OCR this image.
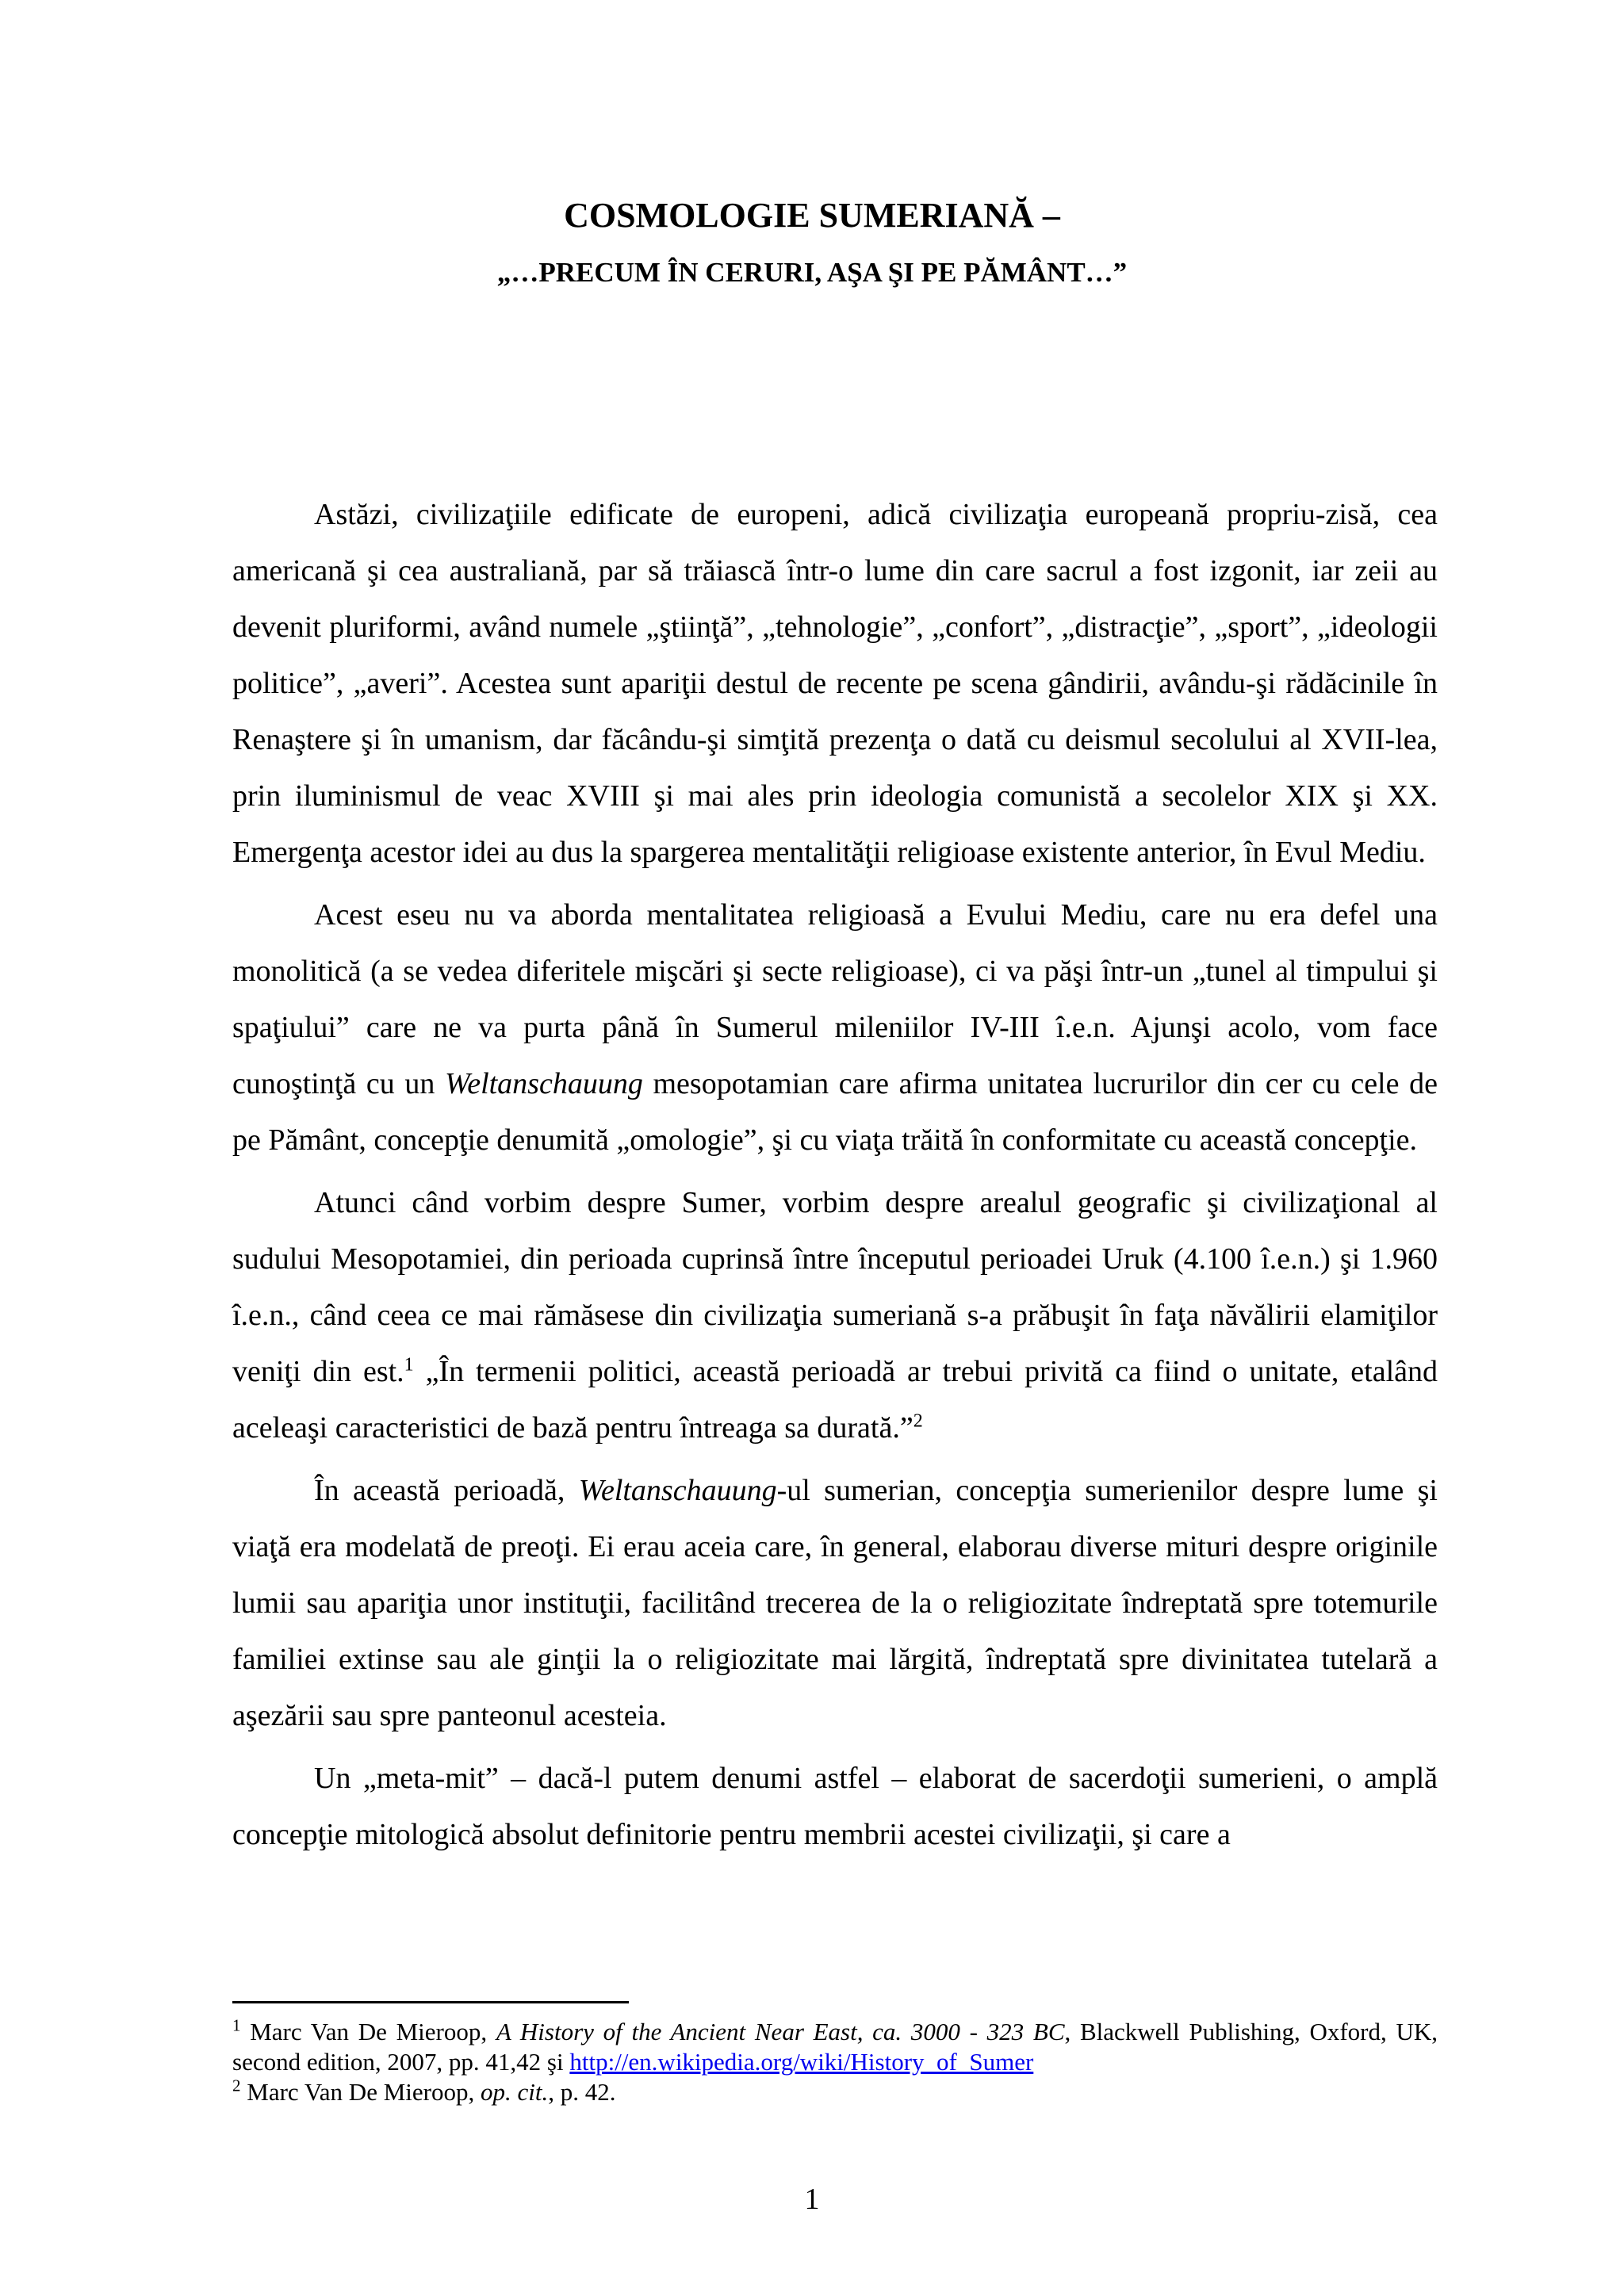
COSMOLOGIE SUMERIANĂ –
„…PRECUM ÎN CERURI, AŞA ŞI PE PĂMÂNT…”

Astăzi, civilizaţiile edificate de europeni, adică civilizaţia europeană propriu-zisă, cea americană şi cea australiană, par să trăiască într-o lume din care sacrul a fost izgonit, iar zeii au devenit pluriformi, având numele „ştiinţă”, „tehnologie”, „confort”, „distracţie”, „sport”, „ideologii politice”, „averi”. Acestea sunt apariţii destul de recente pe scena gândirii, avându-şi rădăcinile în Renaştere şi în umanism, dar făcându-şi simţită prezenţa o dată cu deismul secolului al XVII-lea, prin iluminismul de veac XVIII şi mai ales prin ideologia comunistă a secolelor XIX şi XX. Emergenţa acestor idei au dus la spargerea mentalităţii religioase existente anterior, în Evul Mediu.

Acest eseu nu va aborda mentalitatea religioasă a Evului Mediu, care nu era defel una monolitică (a se vedea diferitele mişcări şi secte religioase), ci va păşi într-un „tunel al timpului şi spaţiului” care ne va purta până în Sumerul mileniilor IV-III î.e.n. Ajunşi acolo, vom face cunoştinţă cu un Weltanschauung mesopotamian care afirma unitatea lucrurilor din cer cu cele de pe Pământ, concepţie denumită „omologie”, şi cu viaţa trăită în conformitate cu această concepţie.

Atunci când vorbim despre Sumer, vorbim despre arealul geografic şi civilizaţional al sudului Mesopotamiei, din perioada cuprinsă între începutul perioadei Uruk (4.100 î.e.n.) şi 1.960 î.e.n., când ceea ce mai rămăsese din civilizaţia sumeriană s-a prăbuşit în faţa năvălirii elamiţilor veniţi din est.$^1$ „În termenii politici, această perioadă ar trebui privită ca fiind o unitate, etalând aceleaşi caracteristici de bază pentru întreaga sa durată.”$^2$

În această perioadă, Weltanschauung-ul sumerian, concepţia sumerienilor despre lume şi viaţă era modelată de preoţi. Ei erau aceia care, în general, elaborau diverse mituri despre originile lumii sau apariţia unor instituţii, facilitând trecerea de la o religiozitate îndreptată spre totemurile familiei extinse sau ale ginţii la o religiozitate mai lărgită, îndreptată spre divinitatea tutelară a aşezării sau spre panteonul acesteia.

Un „meta-mit” – dacă-l putem denumi astfel – elaborat de sacerdoţii sumerieni, o amplă concepţie mitologică absolut definitorie pentru membrii acestei civilizaţii, şi care a

$^1$ Marc Van De Mieroop, A History of the Ancient Near East, ca. 3000 - 323 BC, Blackwell Publishing, Oxford, UK, second edition, 2007, pp. 41,42 şi http://en.wikipedia.org/wiki/History_of_Sumer

$^2$ Marc Van De Mieroop, op. cit., p. 42.

1
